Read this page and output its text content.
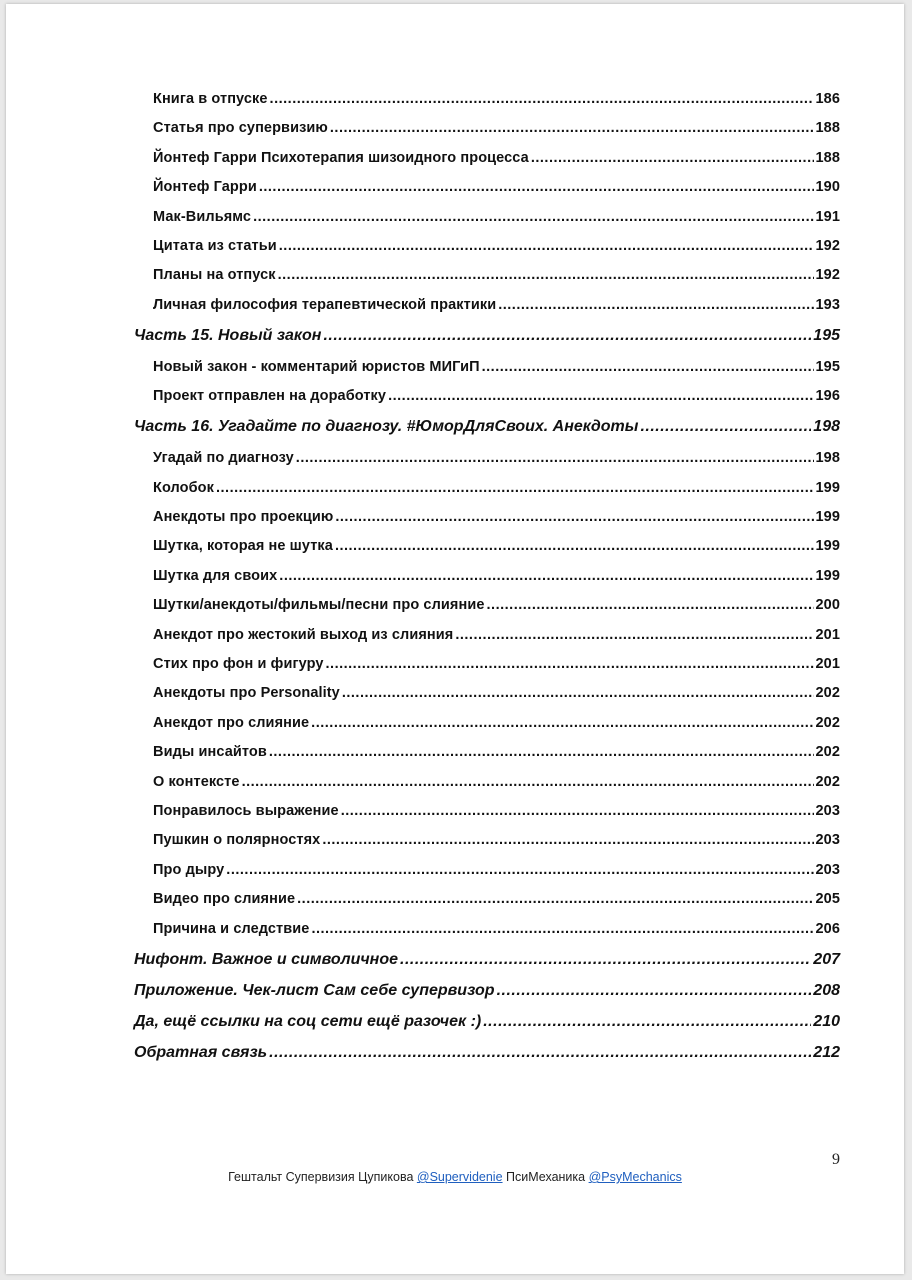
Книга в отпуске .....	186
Статья про супервизию .....	188
Йонтеф Гарри Психотерапия шизоидного процесса .....	188
Йонтеф Гарри .....	190
Мак-Вильямс .....	191
Цитата из статьи .....	192
Планы на отпуск .....	192
Личная философия терапевтической практики .....	193
Часть 15. Новый закон .....	195
Новый закон - комментарий юристов МИГиП .....	195
Проект отправлен на доработку .....	196
Часть 16. Угадайте по диагнозу. #ЮморДляСвоих. Анекдоты .....	198
Угадай по диагнозу .....	198
Колобок .....	199
Анекдоты про проекцию .....	199
Шутка, которая не шутка .....	199
Шутка для своих .....	199
Шутки/анекдоты/фильмы/песни про слияние .....	200
Анекдот про жестокий выход из слияния .....	201
Стих про фон и фигуру .....	201
Анекдоты про Personality .....	202
Анекдот про слияние .....	202
Виды инсайтов .....	202
О контексте .....	202
Понравилось выражение .....	203
Пушкин о полярностях .....	203
Про дыру .....	203
Видео про слияние .....	205
Причина и следствие .....	206
Нифонт. Важное и символичное .....	207
Приложение. Чек-лист Сам себе супервизор .....	208
Да, ещё ссылки на соц сети ещё разочек :) .....	210
Обратная связь .....	212
9
Гештальт Супервизия Цупикова @Supervidenie ПсиМеханика @PsyMechanics
